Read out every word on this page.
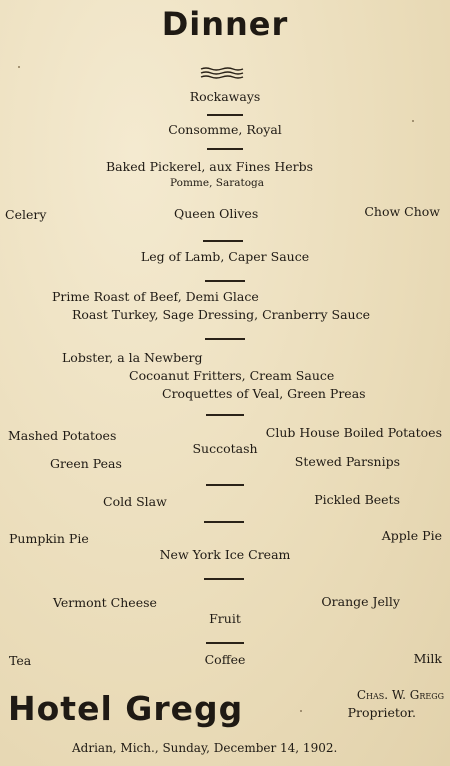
Dinner
Rockaways
Consomme, Royal
Baked Pickerel, aux Fines Herbs
Pomme, Saratoga
Celery	Queen Olives	Chow Chow
Leg of Lamb, Caper Sauce
Prime Roast of Beef, Demi Glace
Roast Turkey, Sage Dressing, Cranberry Sauce
Lobster, a la Newberg
Cocoanut Fritters, Cream Sauce
Croquettes of Veal, Green Preas
Mashed Potatoes	Club House Boiled Potatoes
Succotash
Green Peas	Stewed Parsnips
Cold Slaw	Pickled Beets
Pumpkin Pie	Apple Pie
New York Ice Cream
Vermont Cheese	Orange Jelly
Fruit
Tea	Coffee	Milk
Hotel Gregg	Chas. W. Gregg
Proprietor.
Adrian, Mich., Sunday, December 14, 1902.
